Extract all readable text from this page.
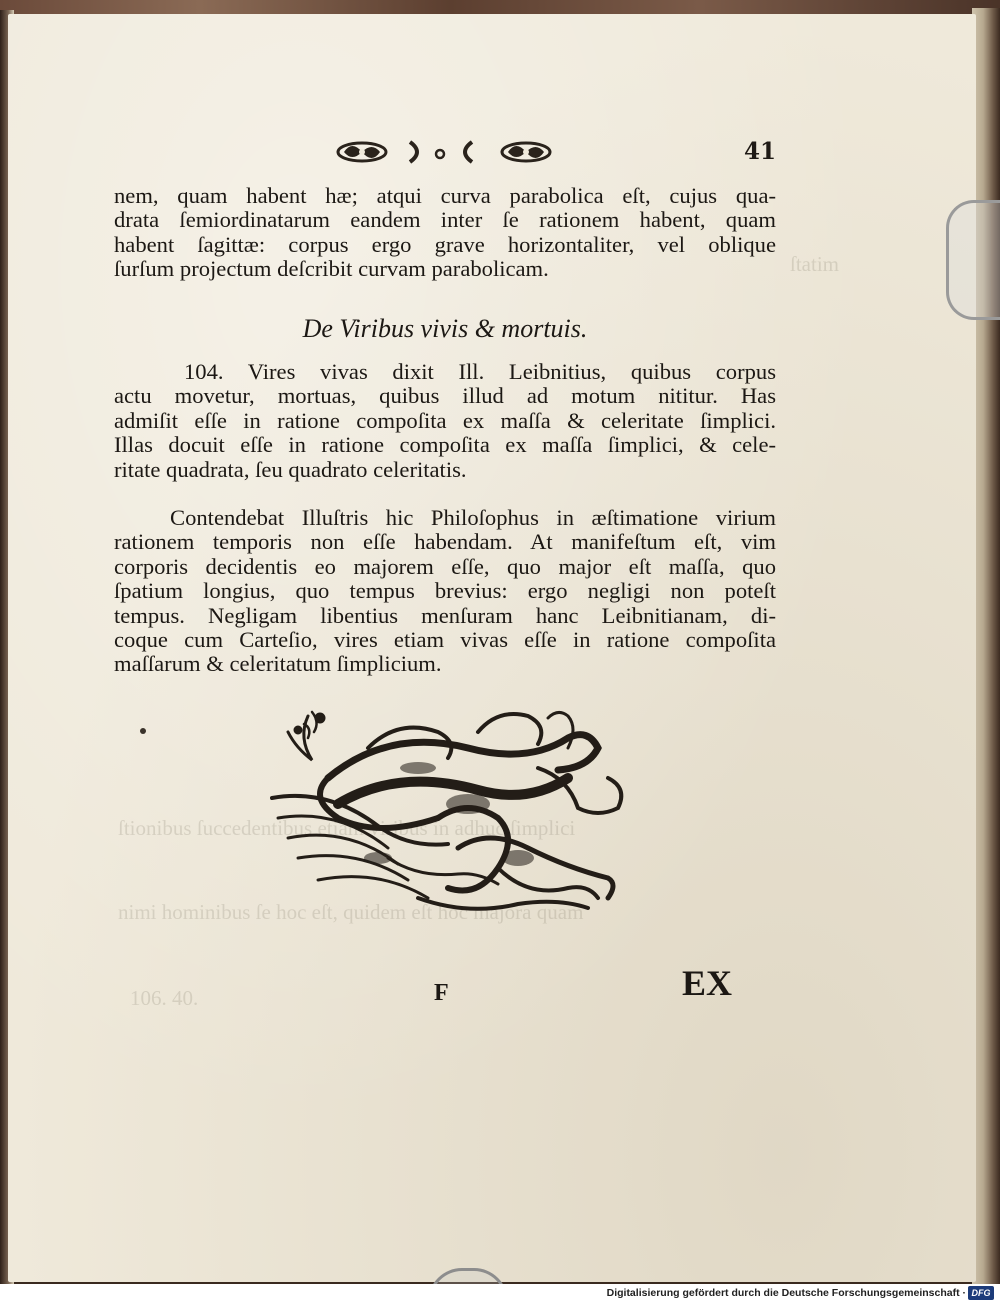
ſtatim
ſtionibus ſuccedentibus etiam viribus in adhuc ſimplici
nimi hominibus ſe hoc eſt, quidem eſt hoc majora quam
106. 40.
41
nem, quam habent hæ; atqui curva parabolica eſt, cujus qua-
drata ſemiordinatarum eandem inter ſe rationem habent, quam
habent ſagittæ: corpus ergo grave horizontaliter, vel oblique
ſurſum projectum deſcribit curvam parabolicam.
De Viribus vivis & mortuis.
104. Vires vivas dixit Ill. Leibnitius, quibus corpus
actu movetur, mortuas, quibus illud ad motum nititur. Has
admiſit eſſe in ratione compoſita ex maſſa & celeritate ſimplici.
Illas docuit eſſe in ratione compoſita ex maſſa ſimplici, & cele-
ritate quadrata, ſeu quadrato celeritatis.
Contendebat Illuſtris hic Philoſophus in æſtimatione virium
rationem temporis non eſſe habendam. At manifeſtum eſt, vim
corporis decidentis eo majorem eſſe, quo major eſt maſſa, quo
ſpatium longius, quo tempus brevius: ergo negligi non poteſt
tempus. Negligam libentius menſuram hanc Leibnitianam, di-
coque cum Carteſio, vires etiam vivas eſſe in ratione compoſita
maſſarum & celeritatum ſimplicium.
F	EX
Digitalisierung gefördert durch die Deutsche Forschungsgemeinschaft · DFG
